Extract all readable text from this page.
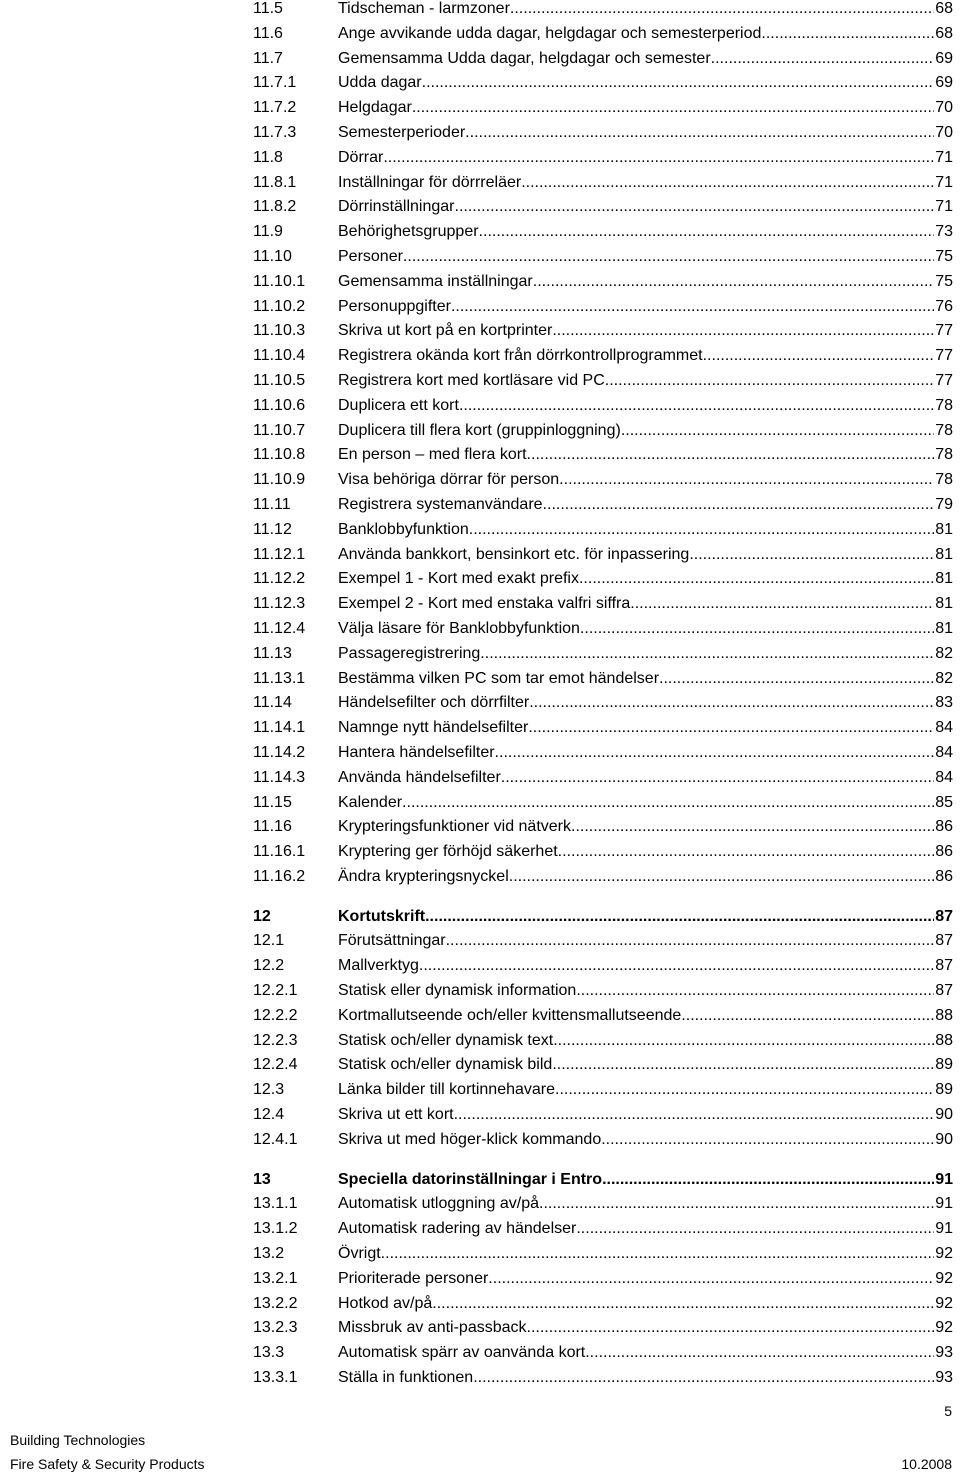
11.5	Tidscheman - larmzoner .....	68
11.6	Ange avvikande udda dagar, helgdagar och semesterperiod .....	68
11.7	Gemensamma Udda dagar, helgdagar och semester .....	69
11.7.1	Udda dagar .....	69
11.7.2	Helgdagar .....	70
11.7.3	Semesterperioder .....	70
11.8	Dörrar .....	71
11.8.1	Inställningar för dörrreläer .....	71
11.8.2	Dörrinställningar .....	71
11.9	Behörighetsgrupper .....	73
11.10	Personer .....	75
11.10.1	Gemensamma inställningar .....	75
11.10.2	Personuppgifter .....	76
11.10.3	Skriva ut kort på en kortprinter .....	77
11.10.4	Registrera okända kort från dörrkontrollprogrammet .....	77
11.10.5	Registrera kort med kortläsare vid PC .....	77
11.10.6	Duplicera ett kort .....	78
11.10.7	Duplicera till flera kort (gruppinloggning) .....	78
11.10.8	En person – med flera kort .....	78
11.10.9	Visa behöriga dörrar för person .....	78
11.11	Registrera systemanvändare .....	79
11.12	Banklobbyfunktion .....	81
11.12.1	Använda bankkort, bensinkort etc. för inpassering .....	81
11.12.2	Exempel 1 - Kort med exakt prefix .....	81
11.12.3	Exempel 2 - Kort med enstaka valfri siffra .....	81
11.12.4	Välja läsare för Banklobbyfunktion .....	81
11.13	Passageregistrering .....	82
11.13.1	Bestämma vilken PC som tar emot händelser .....	82
11.14	Händelsefilter och dörrfilter .....	83
11.14.1	Namnge nytt händelsefilter .....	84
11.14.2	Hantera händelsefilter .....	84
11.14.3	Använda händelsefilter .....	84
11.15	Kalender .....	85
11.16	Krypteringsfunktioner vid nätverk .....	86
11.16.1	Kryptering ger förhöjd säkerhet .....	86
11.16.2	Ändra krypteringsnyckel .....	86
12	Kortutskrift .....	87
12.1	Förutsättningar .....	87
12.2	Mallverktyg .....	87
12.2.1	Statisk eller dynamisk information .....	87
12.2.2	Kortmallutseende och/eller kvittensmallutseende .....	88
12.2.3	Statisk och/eller dynamisk text .....	88
12.2.4	Statisk och/eller dynamisk bild .....	89
12.3	Länka bilder till kortinnehavare .....	89
12.4	Skriva ut ett kort .....	90
12.4.1	Skriva ut med höger-klick kommando .....	90
13	Speciella datorinställningar i Entro .....	91
13.1.1	Automatisk utloggning av/på .....	91
13.1.2	Automatisk radering av händelser .....	91
13.2	Övrigt .....	92
13.2.1	Prioriterade personer .....	92
13.2.2	Hotkod av/på .....	92
13.2.3	Missbruk av anti-passback .....	92
13.3	Automatisk spärr av oanvända kort .....	93
13.3.1	Ställa in funktionen .....	93
5
Building Technologies
Fire Safety & Security Products	10.2008
